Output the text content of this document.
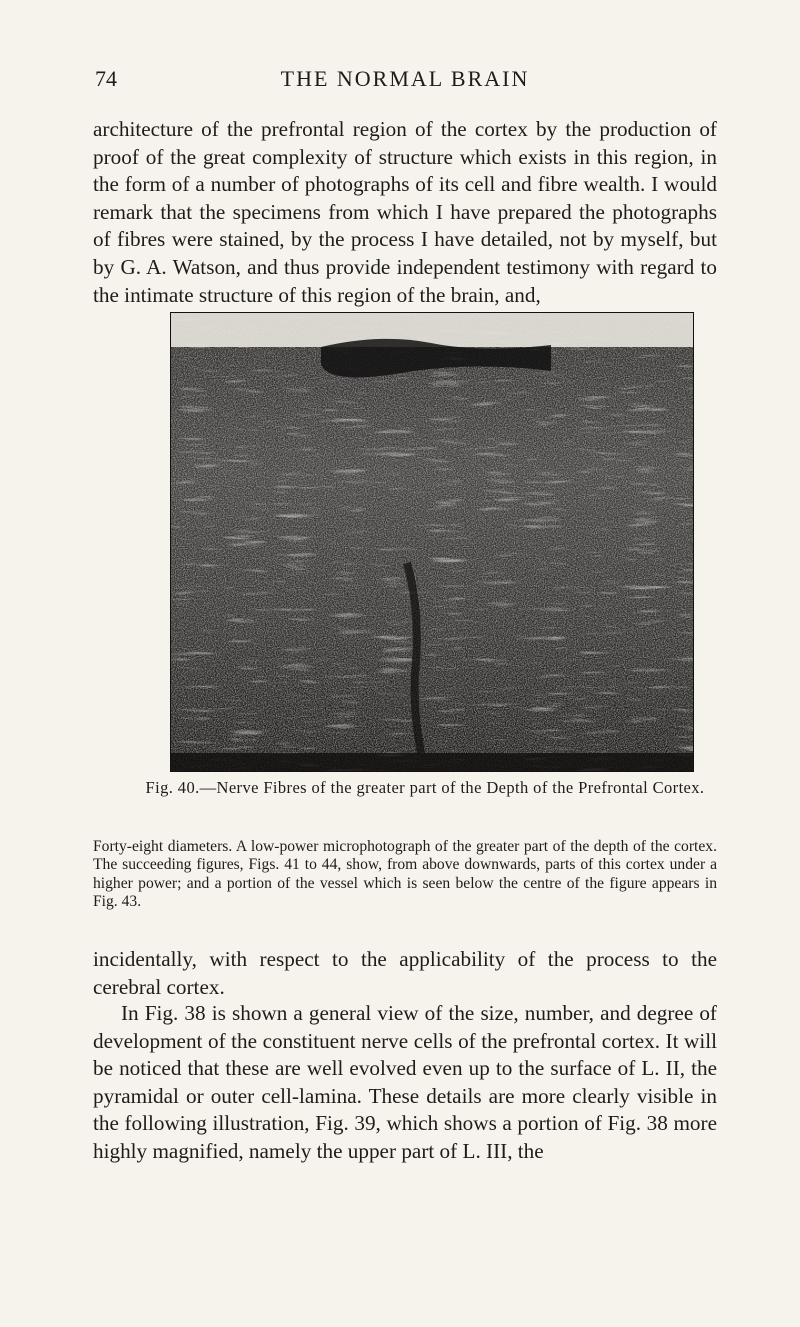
74	THE NORMAL BRAIN

architecture of the prefrontal region of the cortex by the production of proof of the great complexity of structure which exists in this region, in the form of a number of photographs of its cell and fibre wealth. I would remark that the specimens from which I have prepared the photographs of fibres were stained, by the process I have detailed, not by myself, but by G. A. Watson, and thus provide independent testimony with regard to the intimate structure of this region of the brain, and,

Fig. 40.—Nerve Fibres of the greater part of the Depth of the Prefrontal Cortex.

Forty-eight diameters. A low-power microphotograph of the greater part of the depth of the cortex. The succeeding figures, Figs. 41 to 44, show, from above downwards, parts of this cortex under a higher power; and a portion of the vessel which is seen below the centre of the figure appears in Fig. 43.

incidentally, with respect to the applicability of the process to the cerebral cortex.

In Fig. 38 is shown a general view of the size, number, and degree of development of the constituent nerve cells of the prefrontal cortex. It will be noticed that these are well evolved even up to the surface of L. II, the pyramidal or outer cell-lamina. These details are more clearly visible in the following illustration, Fig. 39, which shows a portion of Fig. 38 more highly magnified, namely the upper part of L. III, the
